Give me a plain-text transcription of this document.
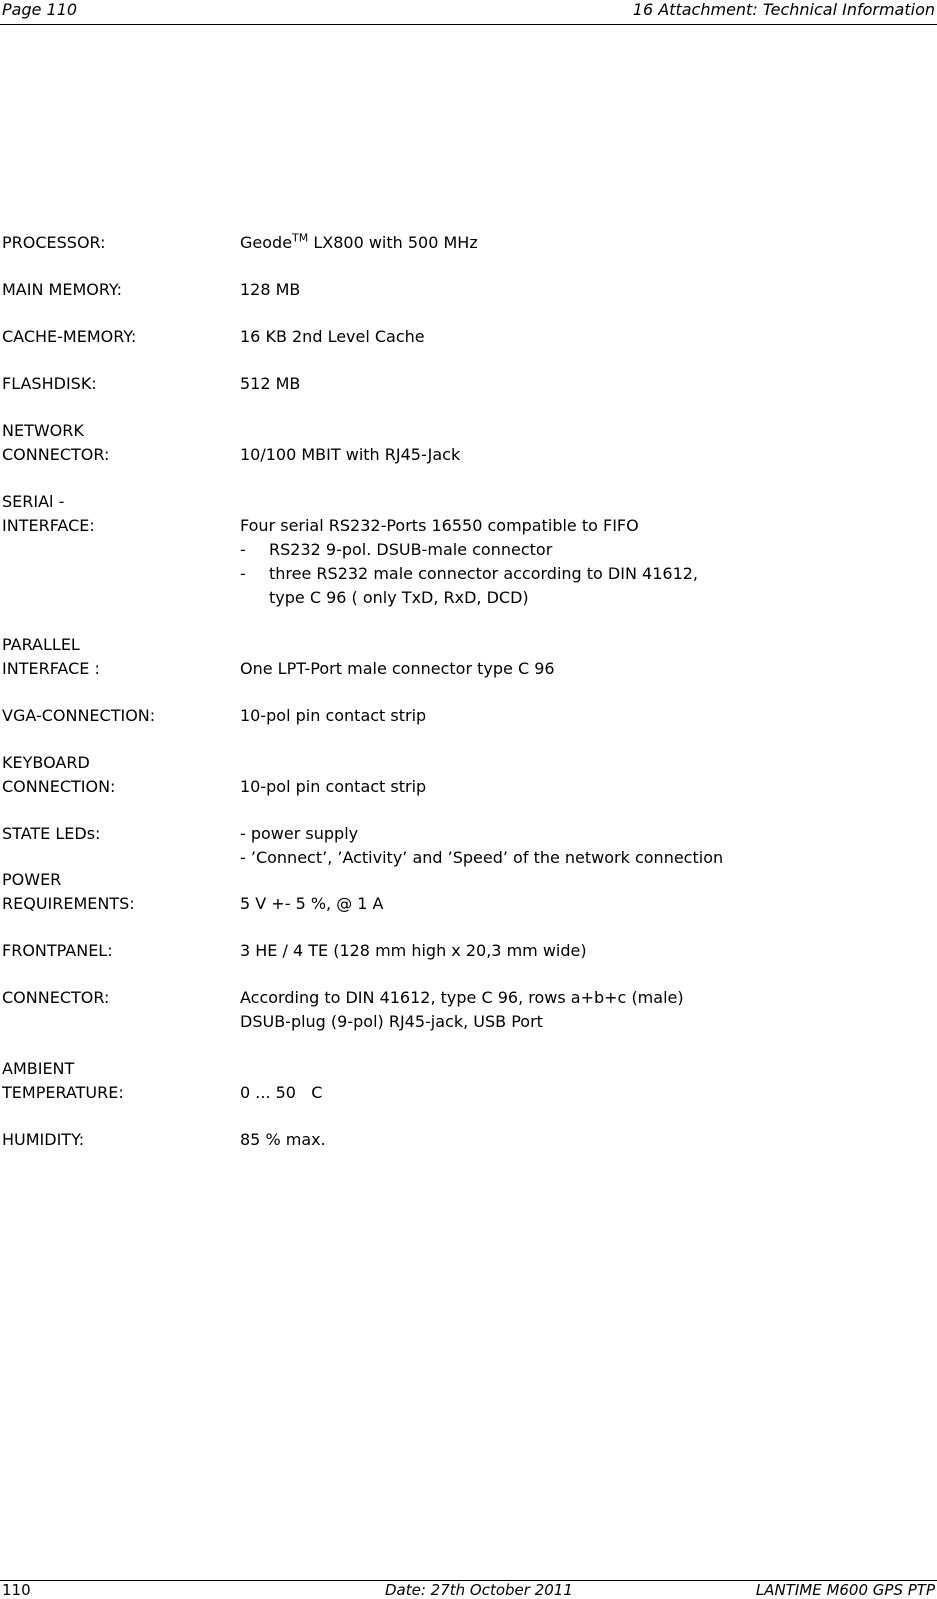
Page 110	16 Attachment: Technical Information
PROCESSOR:	Geode™ LX800 with 500 MHz
MAIN MEMORY:	128 MB
CACHE-MEMORY:	16 KB 2nd Level Cache
FLASHDISK:	512 MB
NETWORK
CONNECTOR:	10/100 MBIT with RJ45-Jack
SERIAl -
INTERFACE:	Four serial RS232-Ports 16550 compatible to FIFO
- RS232 9-pol. DSUB-male connector
- three RS232 male connector according to DIN 41612,
type C 96 ( only TxD, RxD, DCD)
PARALLEL
INTERFACE :	One LPT-Port male connector type C 96
VGA-CONNECTION:	10-pol pin contact strip
KEYBOARD
CONNECTION:	10-pol pin contact strip
STATE LEDs:	- power supply
- ’Connect’, ’Activity’ and ’Speed’ of the network connection
POWER
REQUIREMENTS:	5 V +- 5 %, @ 1 A
FRONTPANEL:	3 HE / 4 TE (128 mm high x 20,3 mm wide)
CONNECTOR:	According to DIN 41612, type C 96, rows a+b+c (male)
DSUB-plug (9-pol) RJ45-jack, USB Port
AMBIENT
TEMPERATURE:	0 ... 50   C
HUMIDITY:	85 % max.
110	Date: 27th October 2011	LANTIME M600 GPS PTP
